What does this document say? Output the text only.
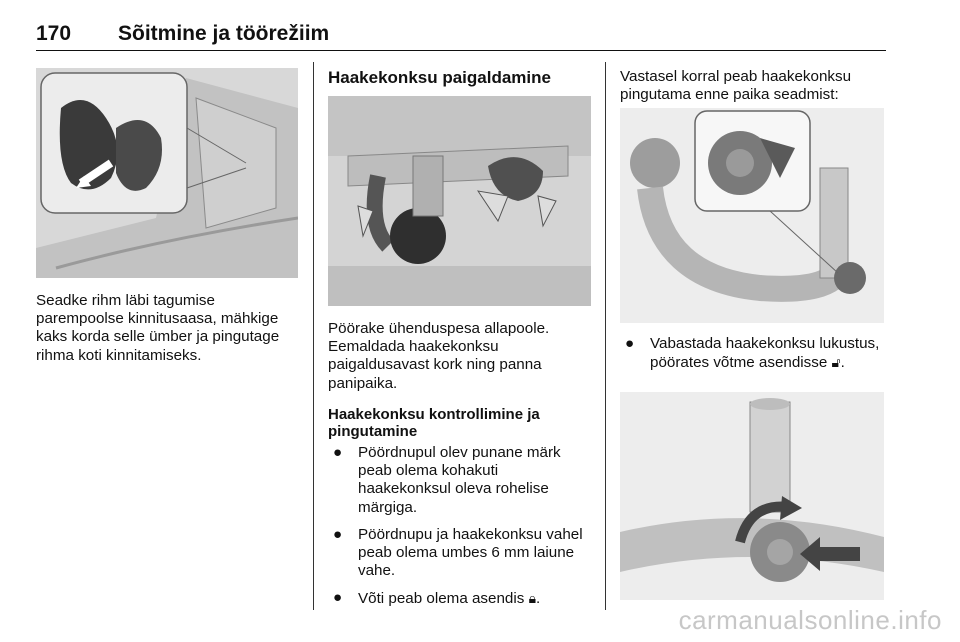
170 Sõitmine ja töörežiim
Seadke rihm läbi tagumise parempoolse kinnitusaasa, mähkige kaks korda selle ümber ja pingutage rihma koti kinnitamiseks.
Haakekonksu paigaldamine
Pöörake ühenduspesa allapoole. Eemaldada haakekonksu paigaldusavast kork ning panna panipaika.
Haakekonksu kontrollimine ja pingutamine
● Pöördnupul olev punane märk peab olema kohakuti haakekonksul oleva rohelise märgiga.
● Pöördnupu ja haakekonksu vahel peab olema umbes 6 mm laiune vahe.
● Võti peab olema asendis 🔒︎.
Vastasel korral peab haakekonksu pingutama enne paika seadmist:
● Vabastada haakekonksu lukustus, pöörates võtme asendisse 🔓︎.
carmanualsonline.info
